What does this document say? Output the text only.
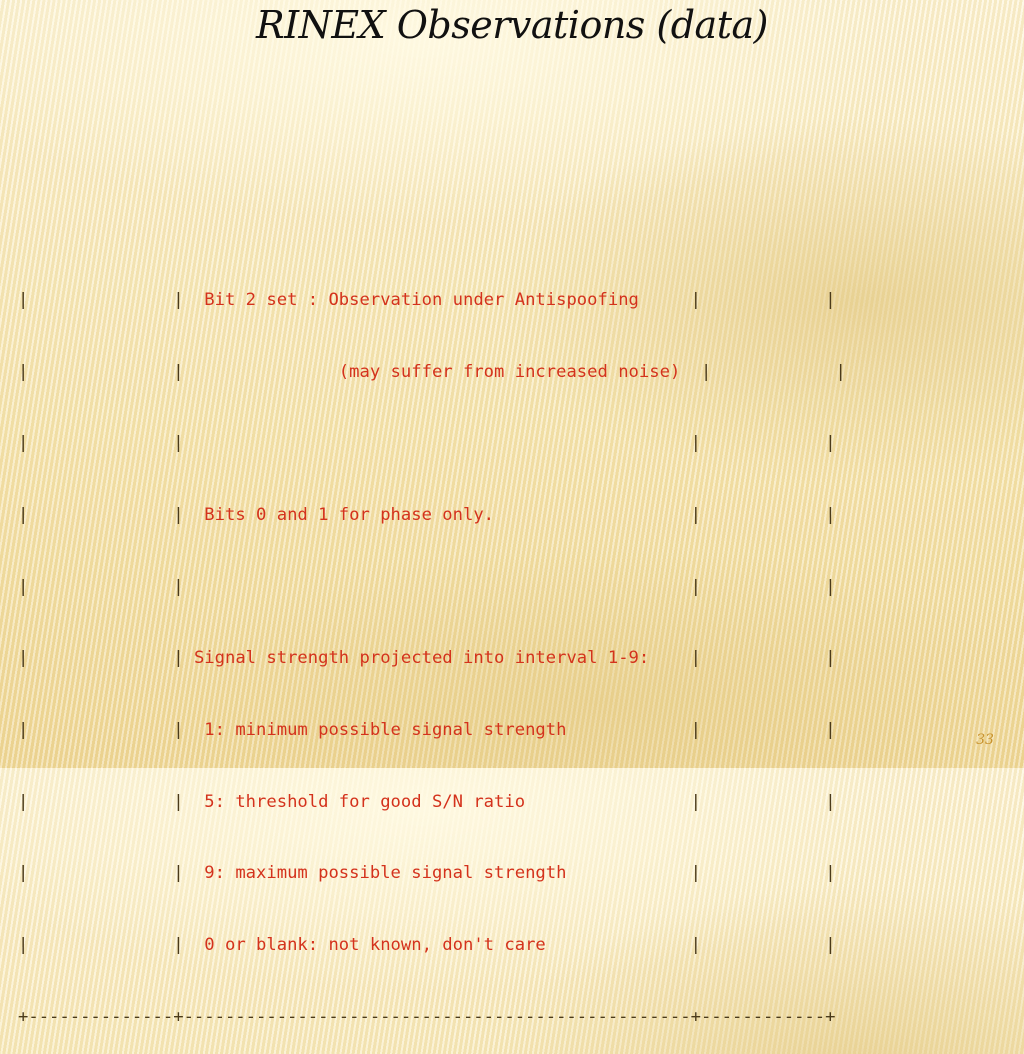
RINEX Observations (data)

|	|  Bit 2 set : Observation under Antispoofing     |	|

|	|               (may suffer from increased noise)  |	|

|	|	|	|

|	|  Bits 0 and 1 for phase only.                   |	|

|	|	|	|

|	| Signal strength projected into interval 1-9:    |	|

|	|  1: minimum possible signal strength            |	|

|	|  5: threshold for good S/N ratio                |	|

|	|  9: maximum possible signal strength            |	|

|	|  0 or blank: not known, don't care              |	|

+--------------+-------------------------------------------------+------------+

33
